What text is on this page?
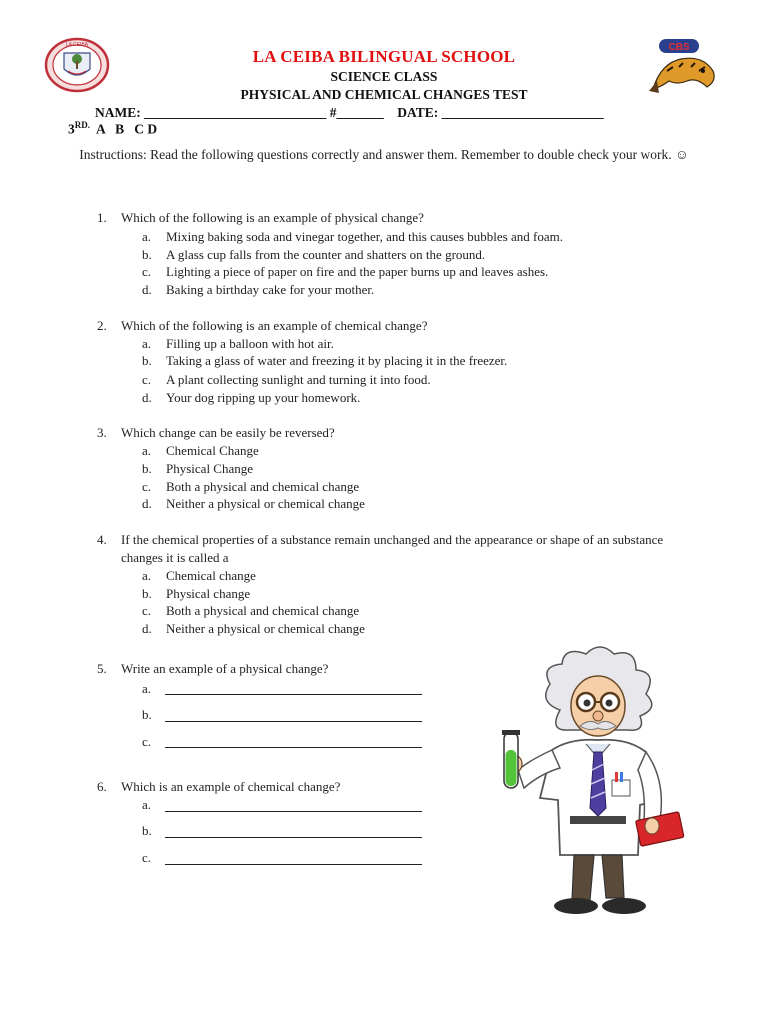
LA CEIBA	CBS
LA CEIBA BILINGUAL SCHOOL
SCIENCE CLASS
PHYSICAL AND CHEMICAL CHANGES TEST
NAME: ___________________________ #_______    DATE: ________________________
$3^{RD.}$  A   B   C D
Instructions: Read the following questions correctly and answer them. Remember to double check your work. ☺
1. Which of the following is an example of physical change?
a. Mixing baking soda and vinegar together, and this causes bubbles and foam.
b. A glass cup falls from the counter and shatters on the ground.
c. Lighting a piece of paper on fire and the paper burns up and leaves ashes.
d. Baking a birthday cake for your mother.
2. Which of the following is an example of chemical change?
a. Filling up a balloon with hot air.
b. Taking a glass of water and freezing it by placing it in the freezer.
c. A plant collecting sunlight and turning it into food.
d. Your dog ripping up your homework.
3. Which change can be easily be reversed?
a. Chemical Change
b. Physical Change
c. Both a physical and chemical change
d. Neither a physical or chemical change
4. If the chemical properties of a substance remain unchanged and the appearance or shape of an substance changes it is called a
a. Chemical change
b. Physical change
c. Both a physical and chemical change
d. Neither a physical or chemical change
5. Write an example of a physical change?
a.
b.
c.
6. Which is an example of chemical change?
a.
b.
c.
